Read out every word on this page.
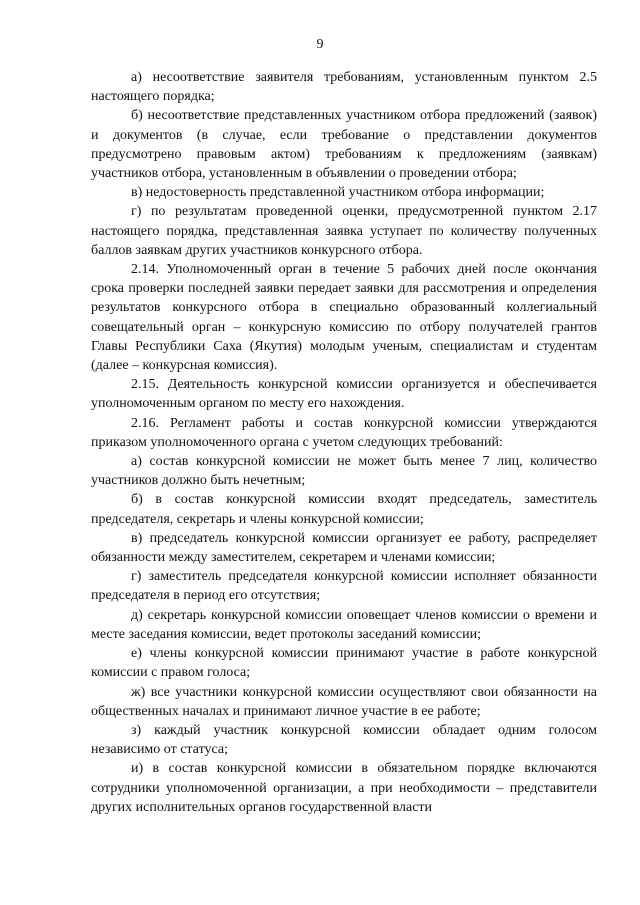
9

а) несоответствие заявителя требованиям, установленным пунктом 2.5 настоящего порядка;

б) несоответствие представленных участником отбора предложений (заявок) и документов (в случае, если требование о представлении документов предусмотрено правовым актом) требованиям к предложениям (заявкам) участников отбора, установленным в объявлении о проведении отбора;

в) недостоверность представленной участником отбора информации;

г) по результатам проведенной оценки, предусмотренной пунктом 2.17 настоящего порядка, представленная заявка уступает по количеству полученных баллов заявкам других участников конкурсного отбора.

2.14. Уполномоченный орган в течение 5 рабочих дней после окончания срока проверки последней заявки передает заявки для рассмотрения и определения результатов конкурсного отбора в специально образованный коллегиальный совещательный орган – конкурсную комиссию по отбору получателей грантов Главы Республики Саха (Якутия) молодым ученым, специалистам и студентам (далее – конкурсная комиссия).

2.15. Деятельность конкурсной комиссии организуется и обеспечивается уполномоченным органом по месту его нахождения.

2.16. Регламент работы и состав конкурсной комиссии утверждаются приказом уполномоченного органа с учетом следующих требований:

а) состав конкурсной комиссии не может быть менее 7 лиц, количество участников должно быть нечетным;

б) в состав конкурсной комиссии входят председатель, заместитель председателя, секретарь и члены конкурсной комиссии;

в) председатель конкурсной комиссии организует ее работу, распределяет обязанности между заместителем, секретарем и членами комиссии;

г) заместитель председателя конкурсной комиссии исполняет обязанности председателя в период его отсутствия;

д) секретарь конкурсной комиссии оповещает членов комиссии о времени и месте заседания комиссии, ведет протоколы заседаний комиссии;

е) члены конкурсной комиссии принимают участие в работе конкурсной комиссии с правом голоса;

ж) все участники конкурсной комиссии осуществляют свои обязанности на общественных началах и принимают личное участие в ее работе;

з) каждый участник конкурсной комиссии обладает одним голосом независимо от статуса;

и) в состав конкурсной комиссии в обязательном порядке включаются сотрудники уполномоченной организации, а при необходимости – представители других исполнительных органов государственной власти
